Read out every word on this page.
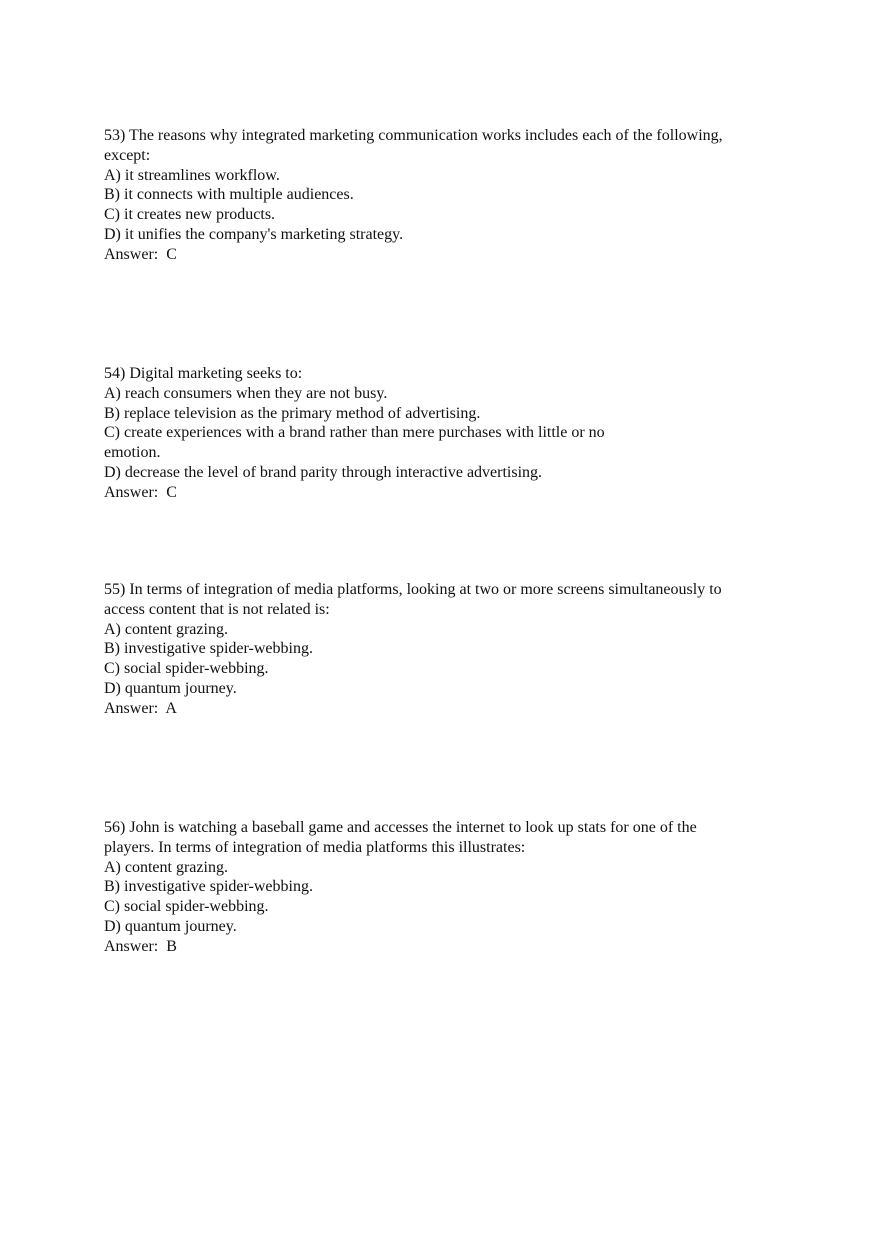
53) The reasons why integrated marketing communication works includes each of the following,
except:
A) it streamlines workflow.
B) it connects with multiple audiences.
C) it creates new products.
D) it unifies the company's marketing strategy.
Answer:  C
54) Digital marketing seeks to:
A) reach consumers when they are not busy.
B) replace television as the primary method of advertising.
C) create experiences with a brand rather than mere purchases with little or no
emotion.
D) decrease the level of brand parity through interactive advertising.
Answer:  C
55) In terms of integration of media platforms, looking at two or more screens simultaneously to
access content that is not related is:
A) content grazing.
B) investigative spider-webbing.
C) social spider-webbing.
D) quantum journey.
Answer:  A
56) John is watching a baseball game and accesses the internet to look up stats for one of the
players. In terms of integration of media platforms this illustrates:
A) content grazing.
B) investigative spider-webbing.
C) social spider-webbing.
D) quantum journey.
Answer:  B
